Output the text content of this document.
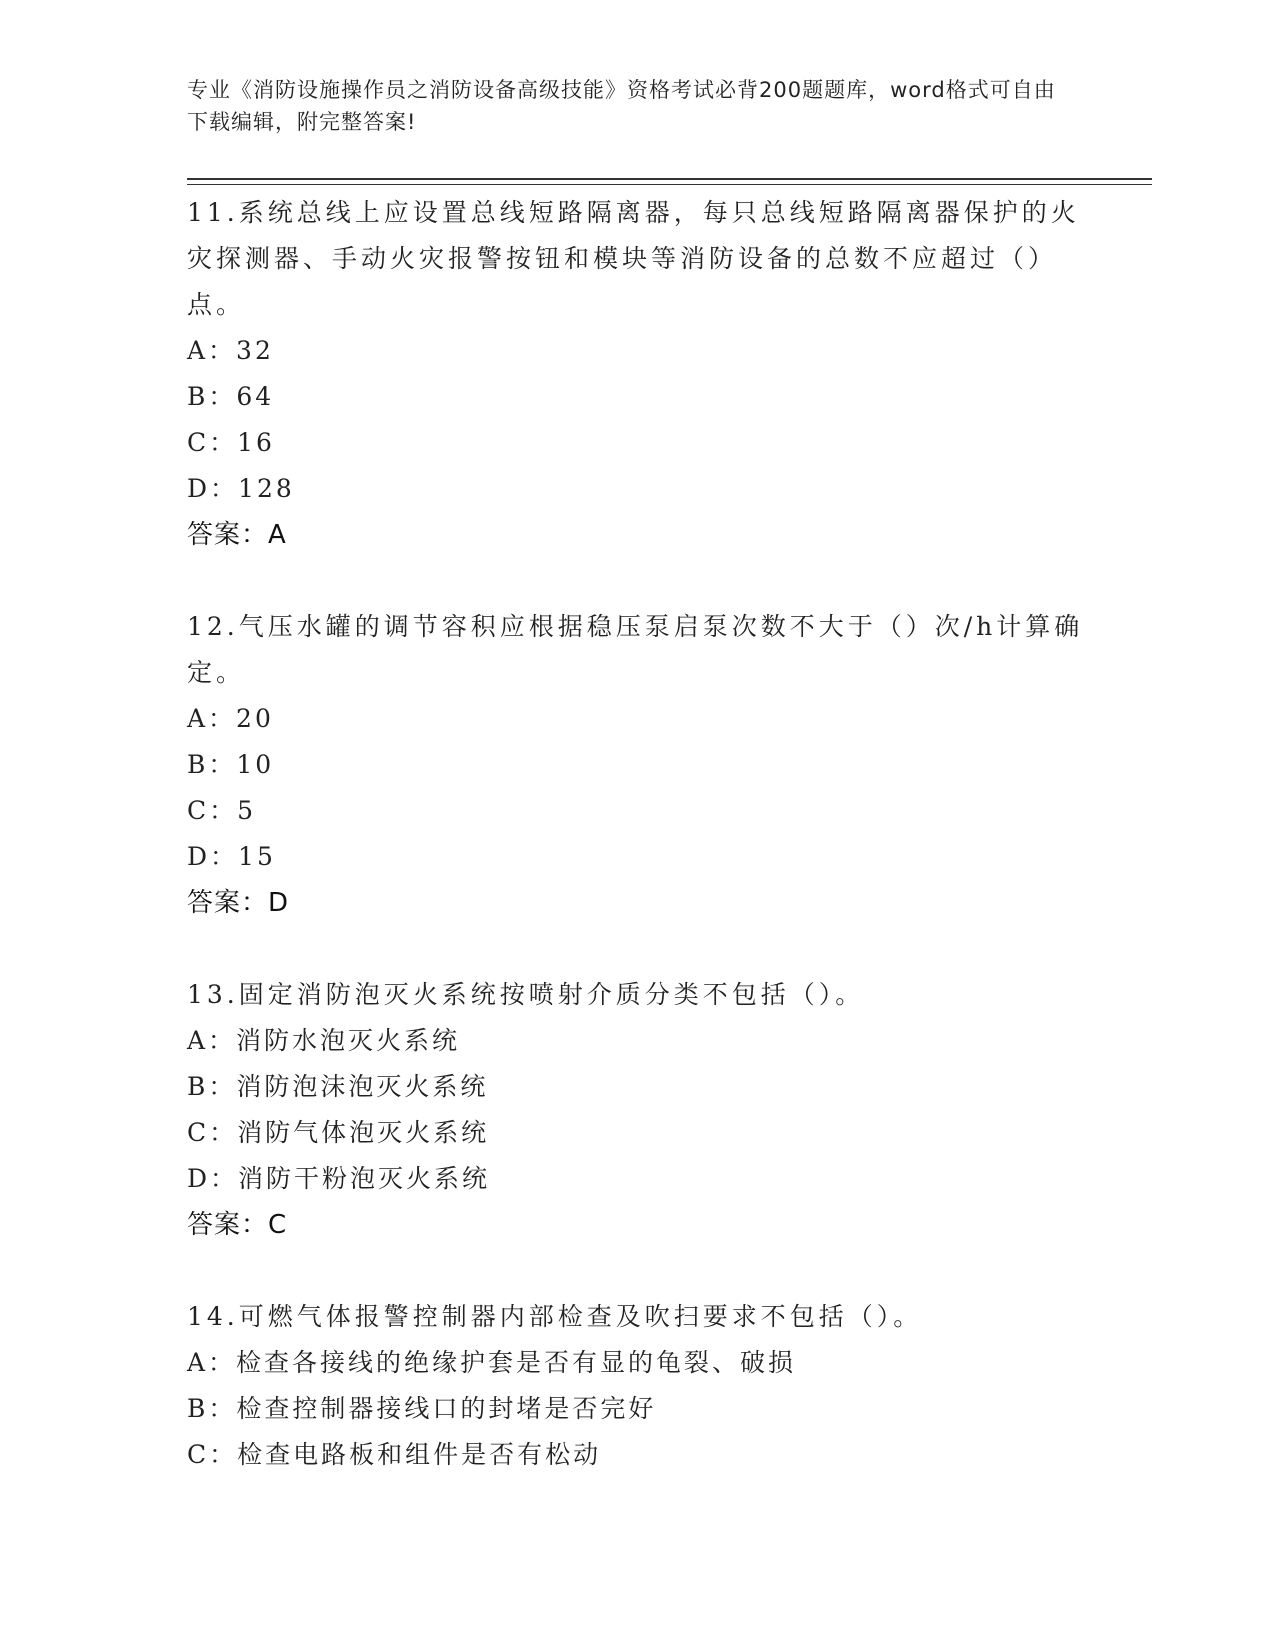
专业《消防设施操作员之消防设备高级技能》资格考试必背200题题库，word格式可自由下载编辑，附完整答案!

11.系统总线上应设置总线短路隔离器，每只总线短路隔离器保护的火灾探测器、手动火灾报警按钮和模块等消防设备的总数不应超过（）点。

A：32

B：64

C：16

D：128

答案：A

12.气压水罐的调节容积应根据稳压泵启泵次数不大于（）次/h计算确定。

A：20

B：10

C：5

D：15

答案：D

13.固定消防泡灭火系统按喷射介质分类不包括（）。

A：消防水泡灭火系统

B：消防泡沫泡灭火系统

C：消防气体泡灭火系统

D：消防干粉泡灭火系统

答案：C

14.可燃气体报警控制器内部检查及吹扫要求不包括（）。

A：检查各接线的绝缘护套是否有显的龟裂、破损

B：检查控制器接线口的封堵是否完好

C：检查电路板和组件是否有松动
